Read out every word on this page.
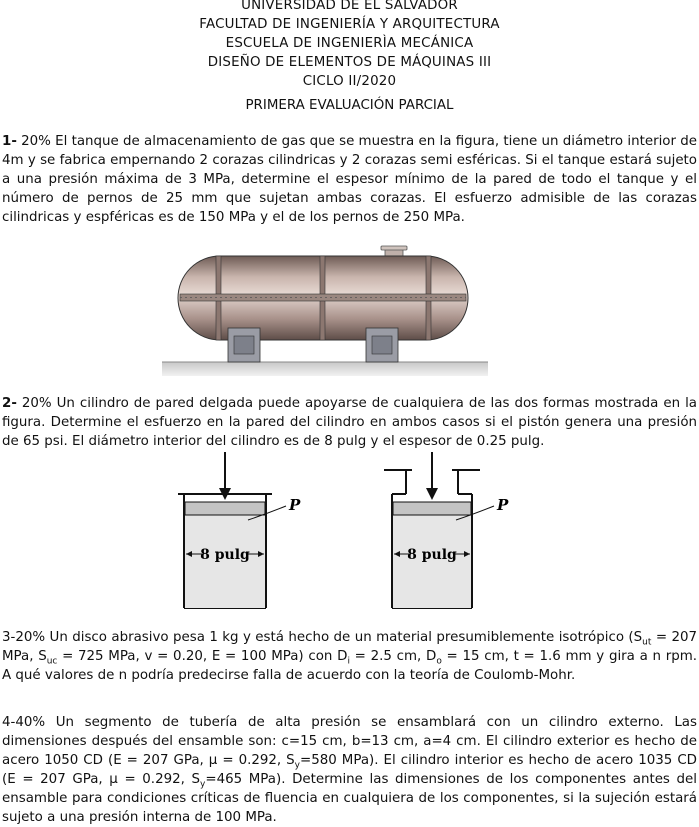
UNIVERSIDAD DE EL SALVADOR
FACULTAD DE INGENIERÍA Y ARQUITECTURA
ESCUELA DE INGENIERÌA MECÁNICA
DISEÑO DE ELEMENTOS DE MÁQUINAS III
CICLO II/2020
PRIMERA EVALUACIÓN PARCIAL
1- 20% El tanque de almacenamiento de gas que se muestra en la figura, tiene un diámetro interior de 4m y se fabrica empernando 2 corazas cilindricas y 2 corazas semi esféricas. Si el tanque estará sujeto a una presión máxima de 3 MPa, determine el espesor mínimo de la pared de todo el tanque y el número de pernos de 25 mm que sujetan ambas corazas. El esfuerzo admisible de las corazas cilindricas y espféricas es de 150 MPa y el de los pernos de 250 MPa.
2- 20% Un cilindro de pared delgada puede apoyarse de cualquiera de las dos formas mostrada en la figura. Determine el esfuerzo en la pared del cilindro en ambos casos si el pistón genera una presión de 65 psi. El diámetro interior del cilindro es de 8 pulg y el espesor de 0.25 pulg.
P
8 pulg
P
8 pulg
3-20% Un disco abrasivo pesa 1 kg y está hecho de un material presumiblemente isotrópico ($S_{ut} = 207$ MPa, $S_{uc} = 725$ MPa, v = 0.20, E = 100 MPa) con $D_i = 2.5$ cm, $D_o = 15$ cm, t = 1.6 mm y gira a n rpm. A qué valores de n podría predecirse falla de acuerdo con la teoría de Coulomb-Mohr.
4-40% Un segmento de tubería de alta presión se ensamblará con un cilindro externo. Las dimensiones después del ensamble son: c=15 cm, b=13 cm, a=4 cm. El cilindro exterior es hecho de acero 1050 CD (E = 207 GPa, μ = 0.292, $S_y=580$ MPa). El cilindro interior es hecho de acero 1035 CD (E = 207 GPa, μ = 0.292, $S_y=465$ MPa). Determine las dimensiones de los componentes antes del ensamble para condiciones críticas de fluencia en cualquiera de los componentes, si la sujeción estará sujeto a una presión interna de 100 MPa.
